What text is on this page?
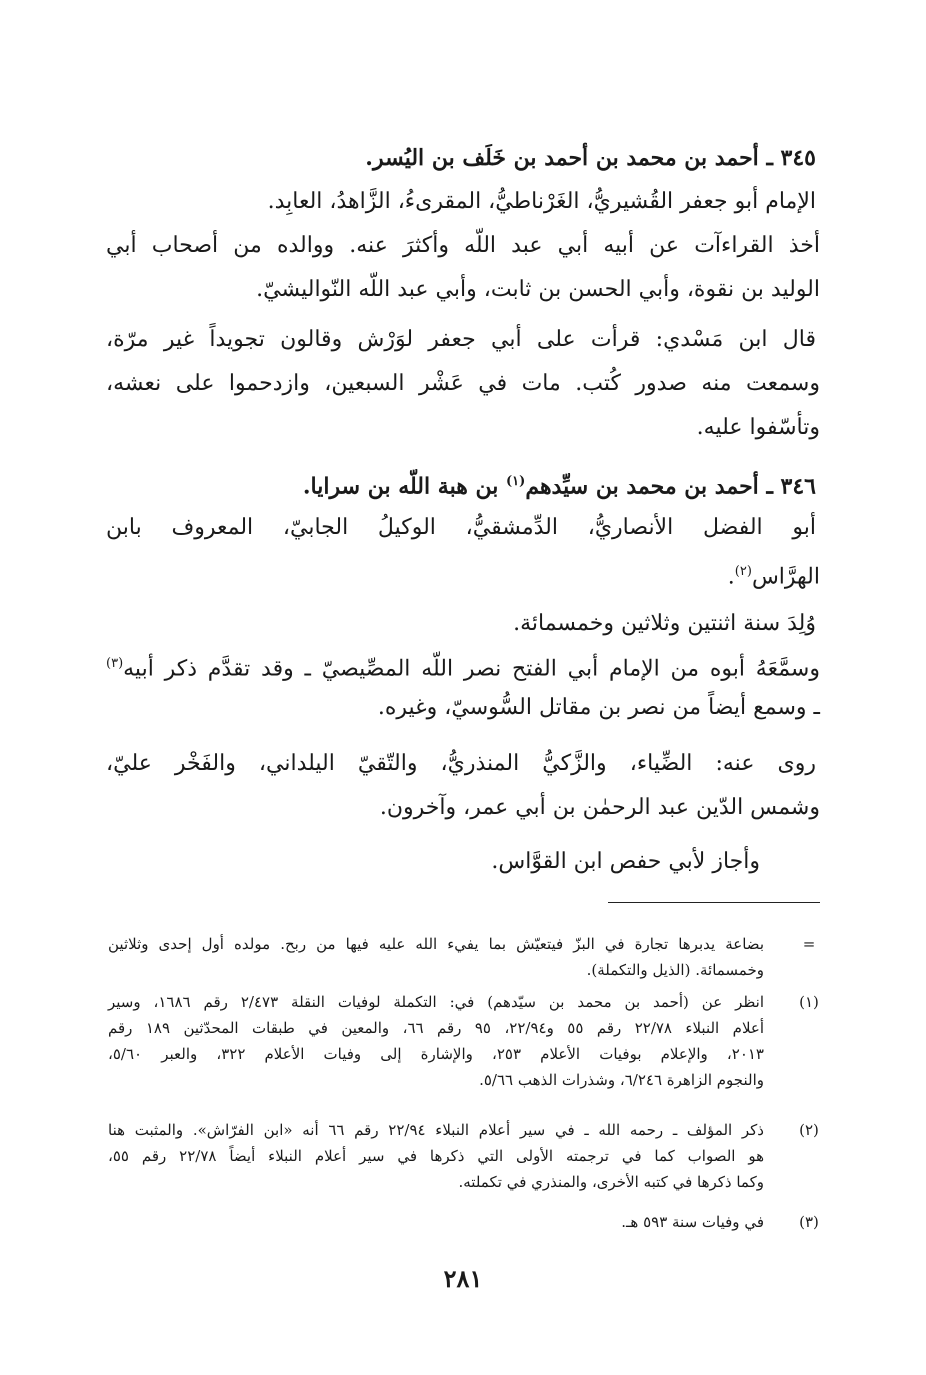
٣٤٥ ـ أحمد بن محمد بن أحمد بن خَلَف بن اليُسر.
الإمام أبو جعفر القُشيريُّ، الغَرْناطيُّ، المقرىءُ، الزَّاهدُ، العابِد.
أخذ القراءآت عن أبيه أبي عبد اللّه وأكثرَ عنه. ووالده من أصحاب أبي
الوليد بن نقوة، وأبي الحسن بن ثابت، وأبي عبد اللّه النّواليشيّ.
قال ابن مَسْدي: قرأت على أبي جعفر لوَرْش وقالون تجويداً غير مرّة،
وسمعت منه صدور كُتب. مات في عَشْر السبعين، وازدحموا على نعشه،
وتأسّفوا عليه.
٣٤٦ ـ أحمد بن محمد بن سيِّدهم$^{(١)}$ بن هبة اللّه بن سرايا.
أبو الفضل الأنصاريُّ، الدِّمشقيُّ، الوكيلُ الجابيّ، المعروف بابن
الهرَّاس$^{(٢)}$.
وُلِدَ سنة اثنتين وثلاثين وخمسمائة.
وسمَّعَهُ أبوه من الإمام أبي الفتح نصر اللّه المصِّيصيّ ـ وقد تقدَّم ذكر أبيه$^{(٣)}$
ـ وسمع أيضاً من نصر بن مقاتل السُّوسيّ، وغيره.
روى عنه: الضِّياء، والزَّكيُّ المنذريُّ، والتّقيّ اليلداني، والفَخْر عليّ،
وشمس الدّين عبد الرحمٰن بن أبي عمر، وآخرون.
وأجاز لأبي حفص ابن القوَّاس.
=
بضاعة يدبرها تجارة في البزّ فيتعيّش بما يفيء الله عليه فيها من ربح. مولده أول إحدى وثلاثين
وخمسمائة. (الذيل والتكملة).
(١)
انظر عن (أحمد بن محمد بن سيّدهم) في: التكملة لوفيات النقلة ٢/٤٧٣ رقم ١٦٨٦، وسير
أعلام النبلاء ٢٢/٧٨ رقم ٥٥ و٢٢/٩٤، ٩٥ رقم ٦٦، والمعين في طبقات المحدّثين ١٨٩ رقم
٢٠١٣، والإعلام بوفيات الأعلام ٢٥٣، والإشارة إلى وفيات الأعلام ٣٢٢، والعبر ٥/٦٠،
والنجوم الزاهرة ٦/٢٤٦، وشذرات الذهب ٥/٦٦.
(٢)
ذكر المؤلف ـ رحمه الله ـ في سير أعلام النبلاء ٢٢/٩٤ رقم ٦٦ أنه «ابن الفرّاش». والمثبت هنا
هو الصواب كما في ترجمته الأولى التي ذكرها في سير أعلام النبلاء أيضاً ٢٢/٧٨ رقم ٥٥،
وكما ذكرها في كتبه الأخرى، والمنذري في تكملته.
(٣)
في وفيات سنة ٥٩٣ هـ.
٢٨١
